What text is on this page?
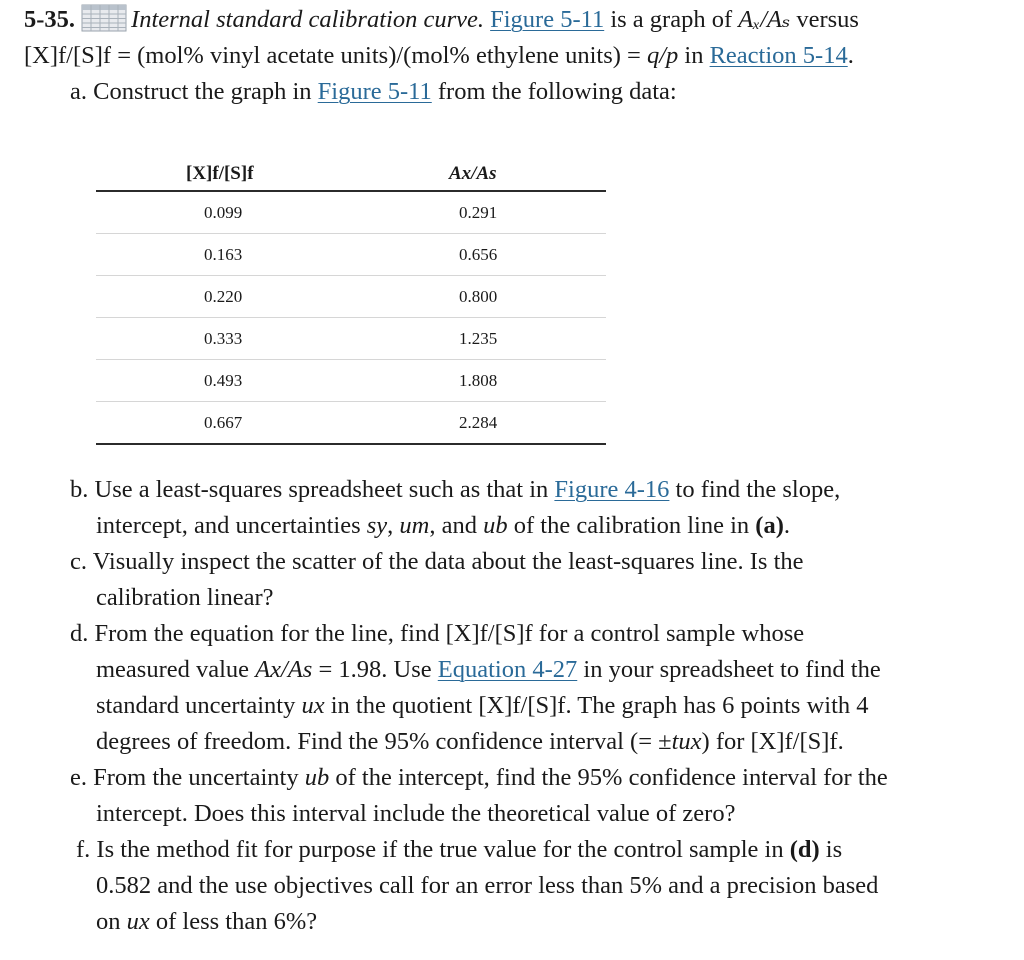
5-35. Internal standard calibration curve. Figure 5-11 is a graph of Aₓ/Aₛ versus
[X]f/[S]f = (mol% vinyl acetate units)/(mol% ethylene units) = q/p in Reaction 5-14.
a. Construct the graph in Figure 5-11 from the following data:
[X]f/[S]f	Ax/As
0.099	0.291
0.163	0.656
0.220	0.800
0.333	1.235
0.493	1.808
0.667	2.284
b. Use a least-squares spreadsheet such as that in Figure 4-16 to find the slope,
intercept, and uncertainties sy, um, and ub of the calibration line in (a).
c. Visually inspect the scatter of the data about the least-squares line. Is the
calibration linear?
d. From the equation for the line, find [X]f/[S]f for a control sample whose
measured value Ax/As = 1.98. Use Equation 4-27 in your spreadsheet to find the
standard uncertainty ux in the quotient [X]f/[S]f. The graph has 6 points with 4
degrees of freedom. Find the 95% confidence interval (= ±tux) for [X]f/[S]f.
e. From the uncertainty ub of the intercept, find the 95% confidence interval for the
intercept. Does this interval include the theoretical value of zero?
f. Is the method fit for purpose if the true value for the control sample in (d) is
0.582 and the use objectives call for an error less than 5% and a precision based
on ux of less than 6%?
